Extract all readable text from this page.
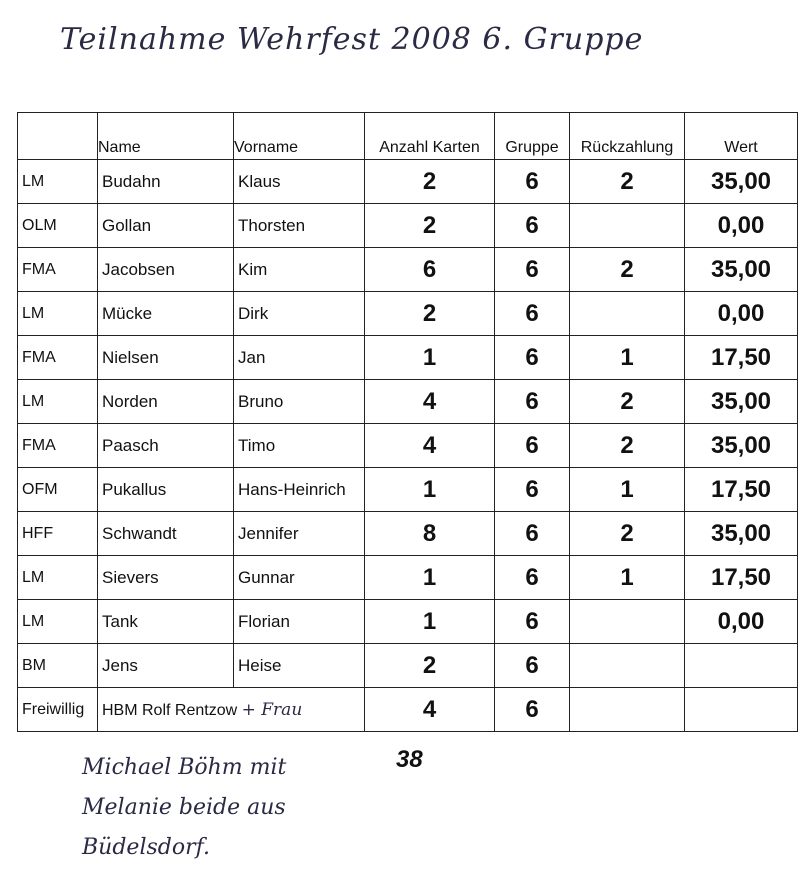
Teilnahme Wehrfest 2008 6. Gruppe
	Name	Vorname	Anzahl Karten	Gruppe	Rückzahlung	Wert
LM	Budahn	Klaus	2	6	2	35,00
OLM	Gollan	Thorsten	2	6		0,00
FMA	Jacobsen	Kim	6	6	2	35,00
LM	Mücke	Dirk	2	6		0,00
FMA	Nielsen	Jan	1	6	1	17,50
LM	Norden	Bruno	4	6	2	35,00
FMA	Paasch	Timo	4	6	2	35,00
OFM	Pukallus	Hans-Heinrich	1	6	1	17,50
HFF	Schwandt	Jennifer	8	6	2	35,00
LM	Sievers	Gunnar	1	6	1	17,50
LM	Tank	Florian	1	6		0,00
BM	Jens	Heise	2	6		
Freiwillig	HBM Rolf Rentzow + Frau		4	6		
38
Michael Böhm mit Melanie beide aus Büdelsdorf.
